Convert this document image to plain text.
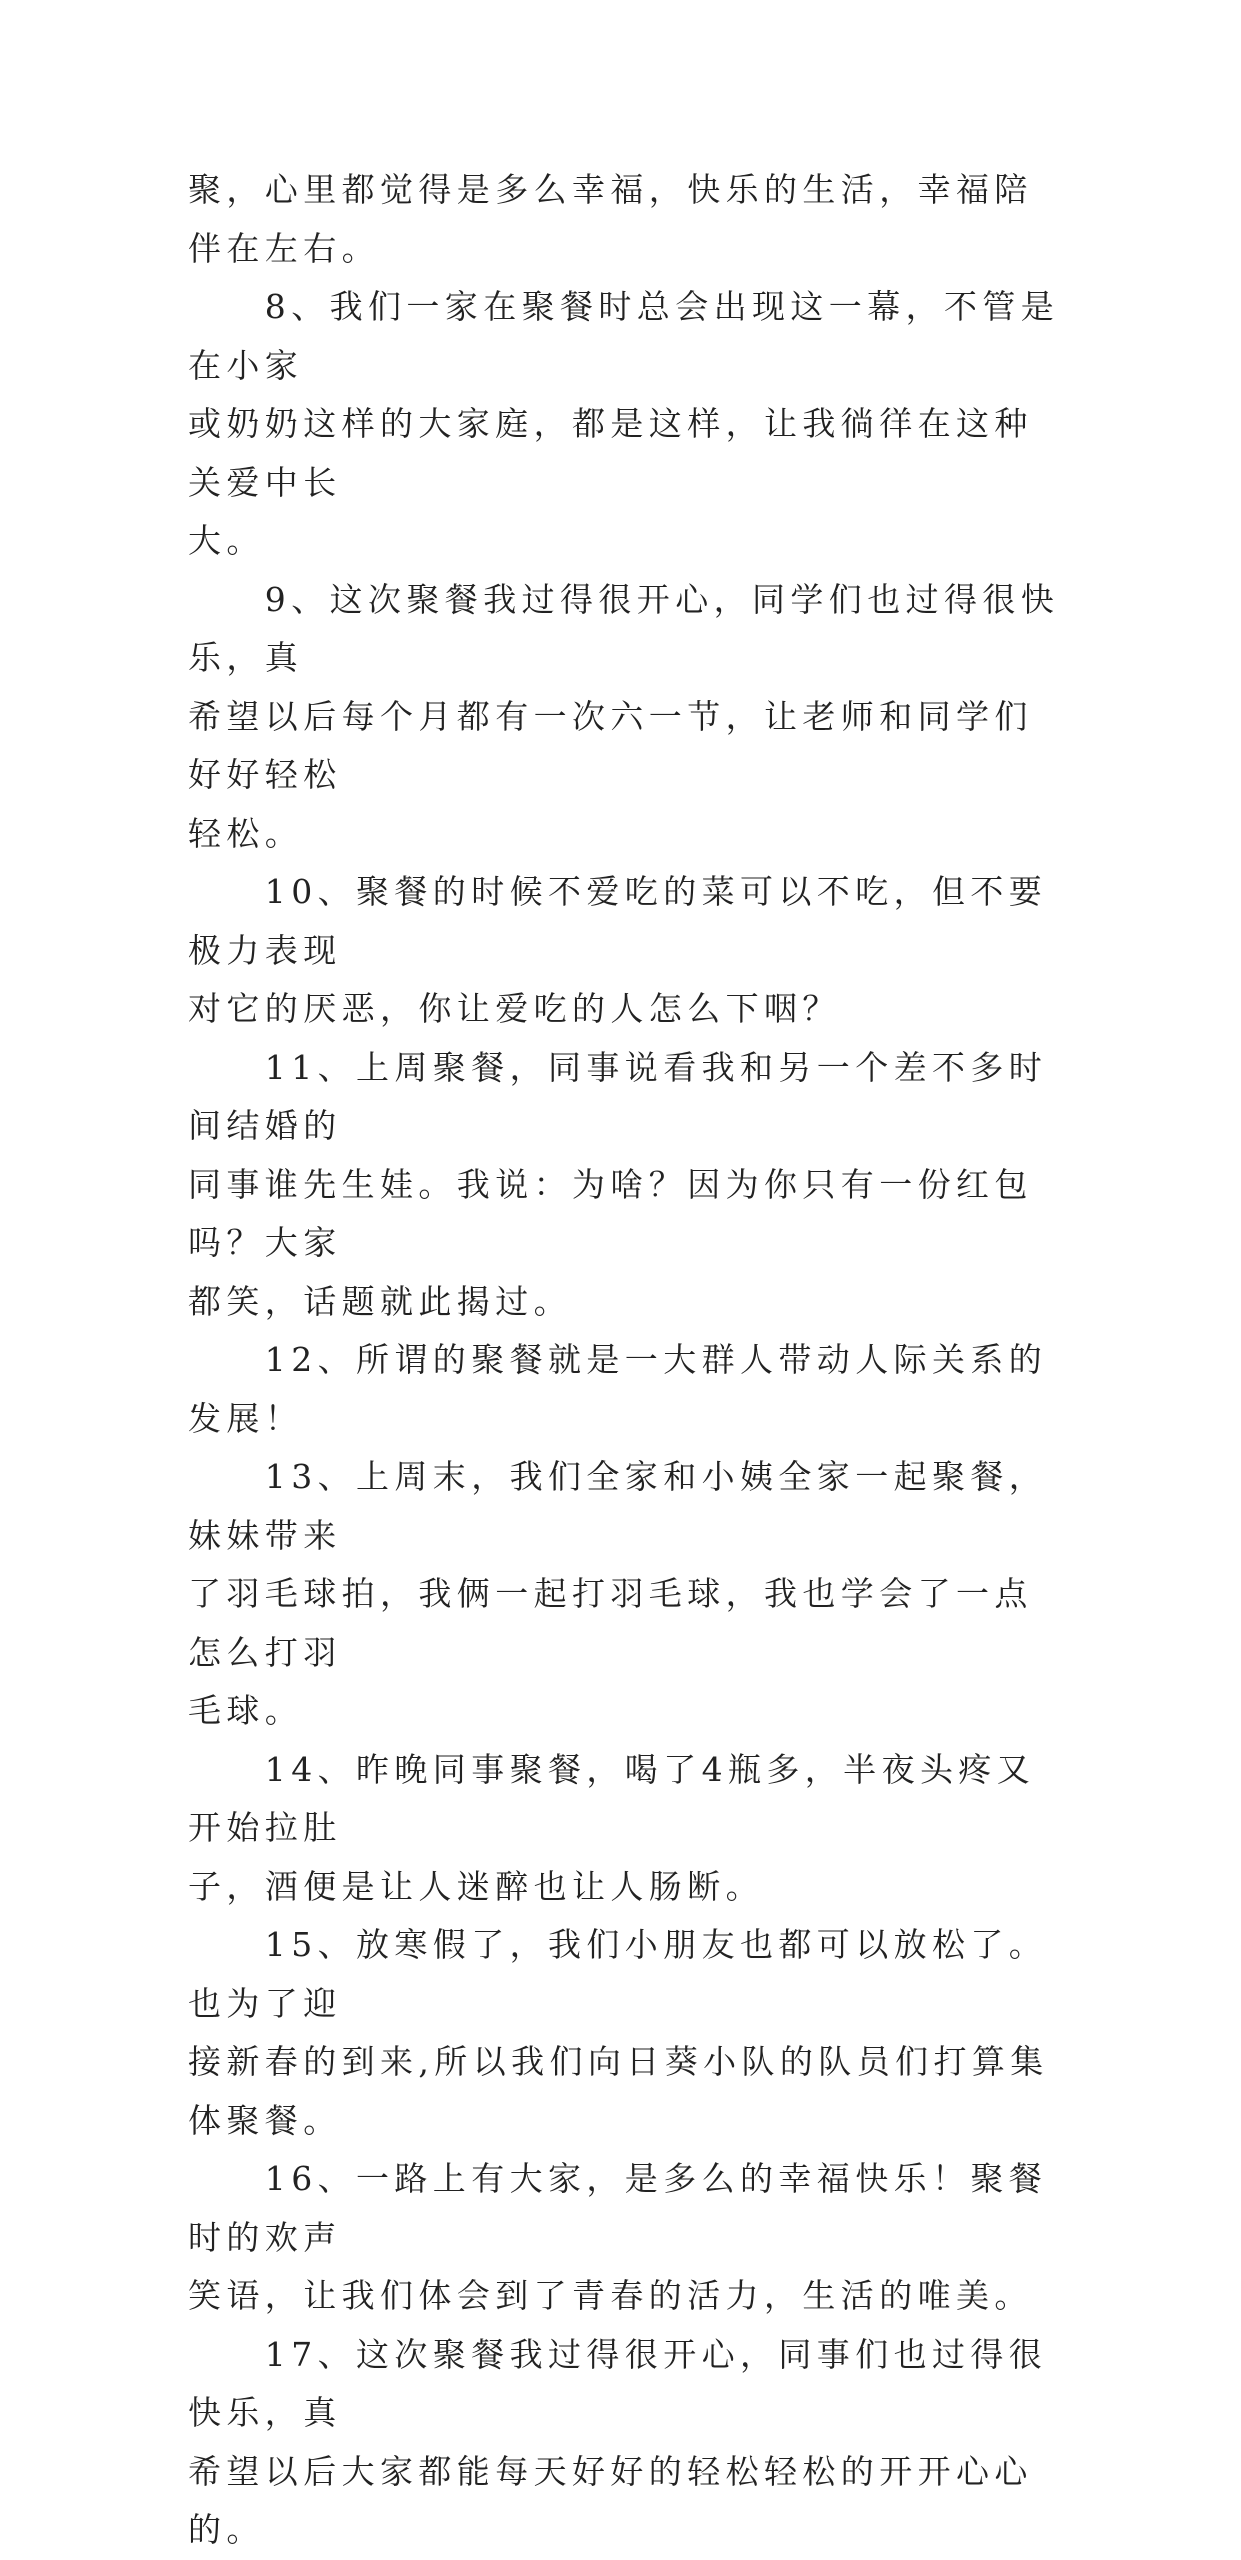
聚，心里都觉得是多么幸福，快乐的生活，幸福陪伴在左右。

　　8、我们一家在聚餐时总会出现这一幕，不管是在小家
或奶奶这样的大家庭，都是这样，让我徜徉在这种关爱中长
大。

　　9、这次聚餐我过得很开心，同学们也过得很快乐，真
希望以后每个月都有一次六一节，让老师和同学们好好轻松
轻松。

　　10、聚餐的时候不爱吃的菜可以不吃，但不要极力表现
对它的厌恶，你让爱吃的人怎么下咽？

　　11、上周聚餐，同事说看我和另一个差不多时间结婚的
同事谁先生娃。我说：为啥？因为你只有一份红包吗？大家
都笑，话题就此揭过。

　　12、所谓的聚餐就是一大群人带动人际关系的发展！

　　13、上周末，我们全家和小姨全家一起聚餐，妹妹带来
了羽毛球拍，我俩一起打羽毛球，我也学会了一点怎么打羽
毛球。

　　14、昨晚同事聚餐，喝了4瓶多，半夜头疼又开始拉肚
子，酒便是让人迷醉也让人肠断。

　　15、放寒假了，我们小朋友也都可以放松了。也为了迎
接新春的到来,所以我们向日葵小队的队员们打算集体聚餐。

　　16、一路上有大家，是多么的幸福快乐！聚餐时的欢声
笑语，让我们体会到了青春的活力，生活的唯美。

　　17、这次聚餐我过得很开心，同事们也过得很快乐，真
希望以后大家都能每天好好的轻松轻松的开开心心的。
